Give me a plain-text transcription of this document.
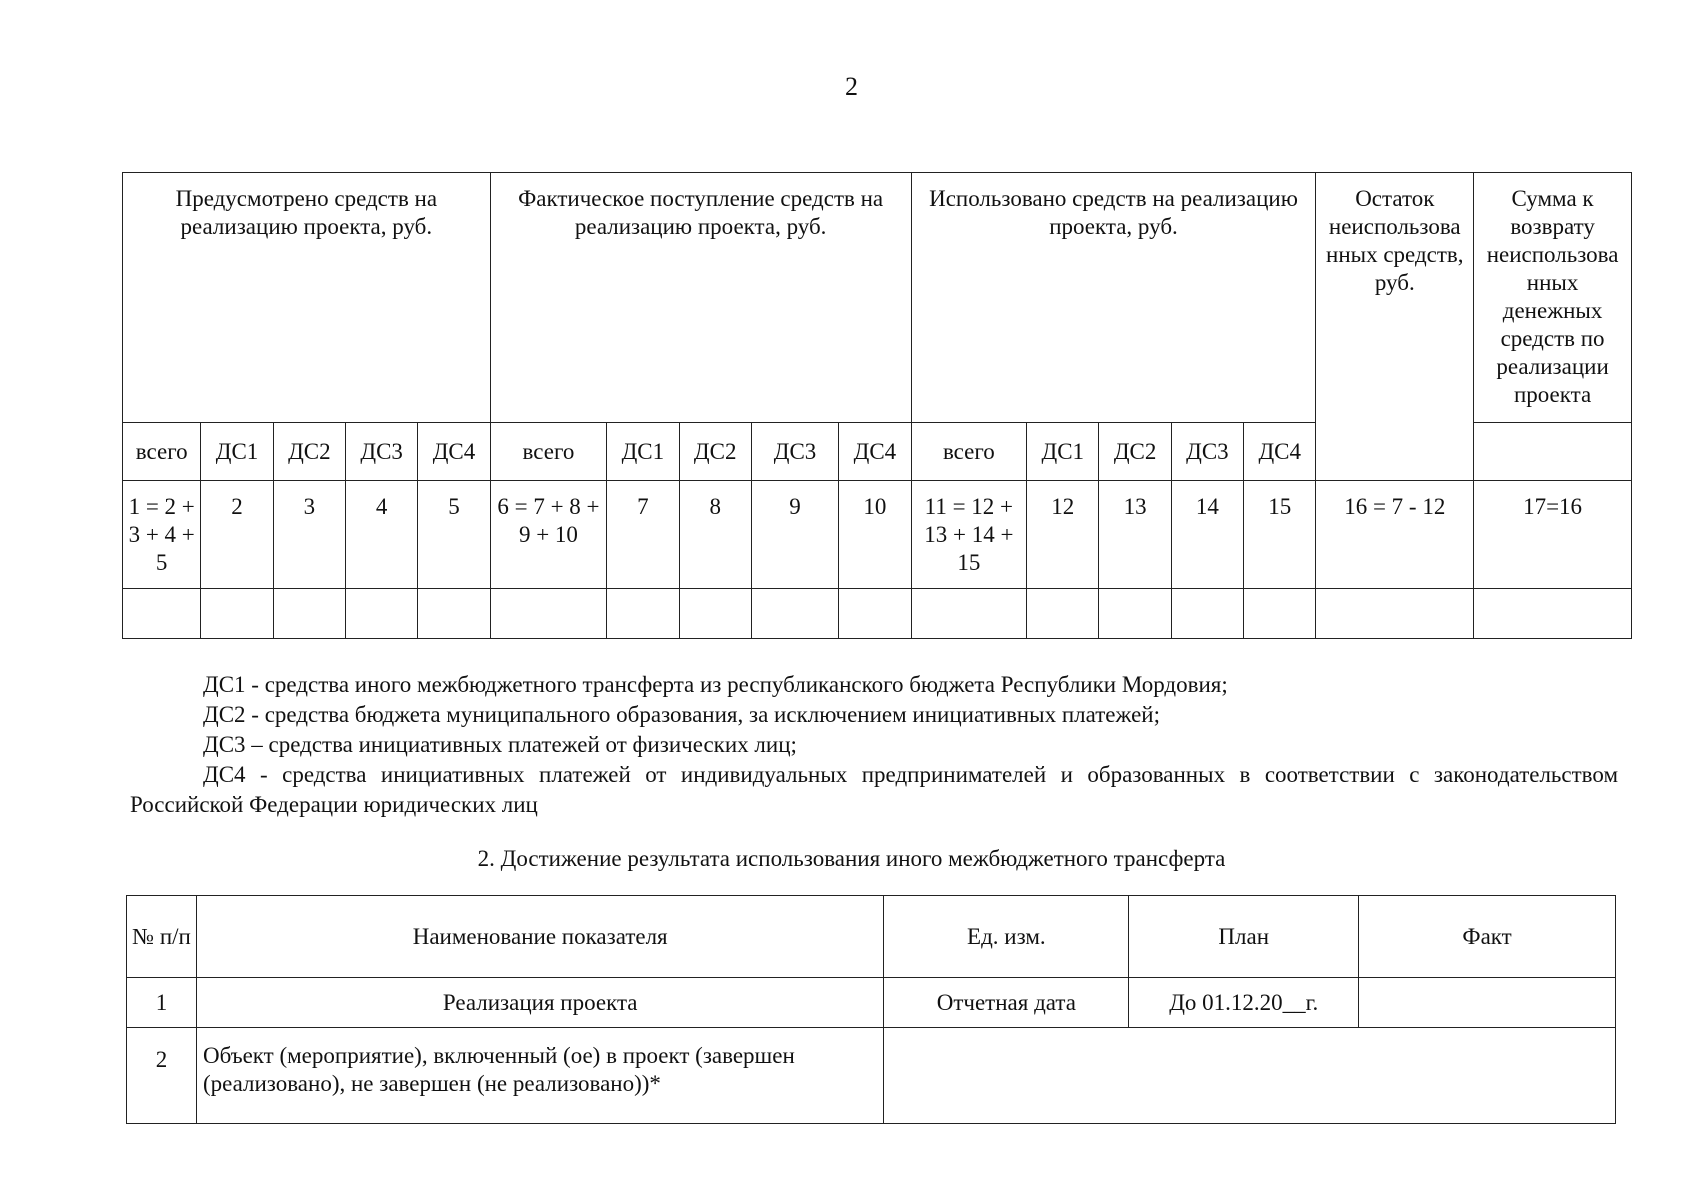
2
Предусмотрено средств на реализацию проекта, руб.					Фактическое поступление средств на реализацию проекта, руб.					Использовано средств на реализацию проекта, руб.					Остаток неиспользова нных средств, руб.	Сумма к возврату неиспользова нных денежных средств по реализации проекта
всего	ДС1	ДС2	ДС3	ДС4	всего	ДС1	ДС2	ДС3	ДС4	всего	ДС1	ДС2	ДС3	ДС4		
1 = 2 + 3 + 4 + 5	2	3	4	5	6 = 7 + 8 + 9 + 10	7	8	9	10	11 = 12 + 13 + 14 + 15	12	13	14	15	16 = 7 - 12	17=16

ДС1 - средства иного межбюджетного трансферта из республиканского бюджета Республики Мордовия;

ДС2 - средства бюджета муниципального образования, за исключением инициативных платежей;

ДС3 – средства инициативных платежей от физических лиц;

ДС4 - средства инициативных платежей от индивидуальных предпринимателей и образованных в соответствии с законодательством Российской Федерации юридических лиц

2. Достижение результата использования иного межбюджетного трансферта
№ п/п	Наименование показателя	Ед. изм.	План	Факт
1	Реализация проекта	Отчетная дата	До 01.12.20__г.	
2	Объект (мероприятие), включенный (ое) в проект (завершен (реализовано), не завершен (не реализовано))*			
